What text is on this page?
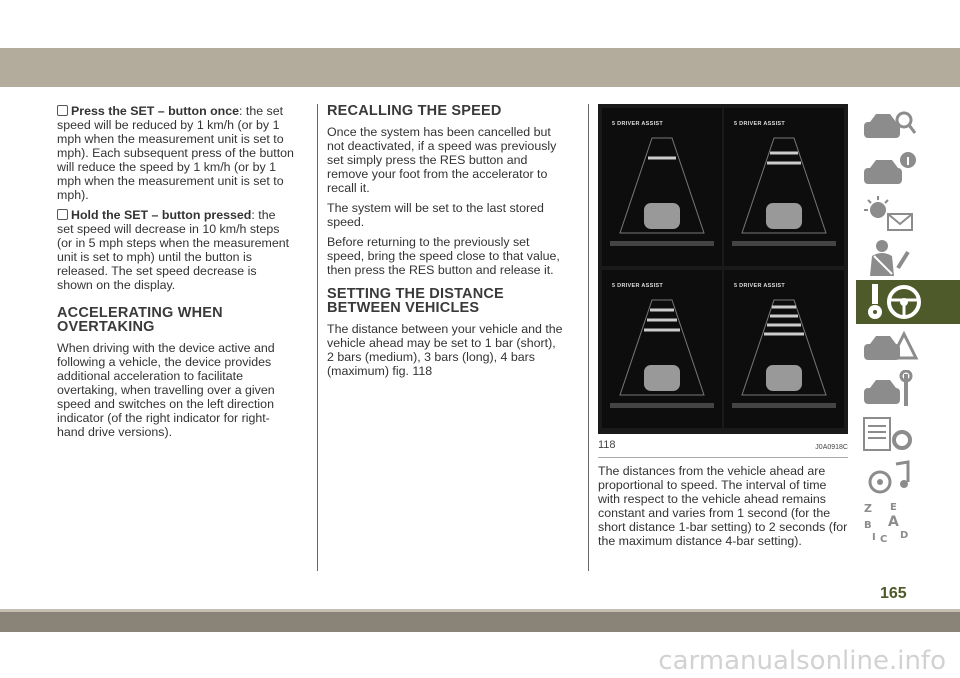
Press the SET – button once: the set speed will be reduced by 1 km/h (or by 1 mph when the measurement unit is set to mph). Each subsequent press of the button will reduce the speed by 1 km/h (or by 1 mph when the measurement unit is set to mph).

Hold the SET – button pressed: the set speed will decrease in 10 km/h steps (or in 5 mph steps when the measurement unit is set to mph) until the button is released. The set speed decrease is shown on the display.

ACCELERATING WHEN OVERTAKING

When driving with the device active and following a vehicle, the device provides additional acceleration to facilitate overtaking, when travelling over a given speed and switches on the left direction indicator (of the right indicator for right-hand drive versions).

RECALLING THE SPEED

Once the system has been cancelled but not deactivated, if a speed was previously set simply press the RES button and remove your foot from the accelerator to recall it.

The system will be set to the last stored speed.

Before returning to the previously set speed, bring the speed close to that value, then press the RES button and release it.

SETTING THE DISTANCE BETWEEN VEHICLES

The distance between your vehicle and the vehicle ahead may be set to 1 bar (short), 2 bars (medium), 3 bars (long), 4 bars (maximum) fig. 118

5 DRIVER ASSIST	5 DRIVER ASSIST
5 DRIVER ASSIST	5 DRIVER ASSIST
118	J0A0918C

The distances from the vehicle ahead are proportional to speed. The interval of time with respect to the vehicle ahead remains constant and varies from 1 second (for the short distance 1-bar setting) to 2 seconds (for the maximum distance 4-bar setting).

Z E
B A
I C D
165
carmanualsonline.info
